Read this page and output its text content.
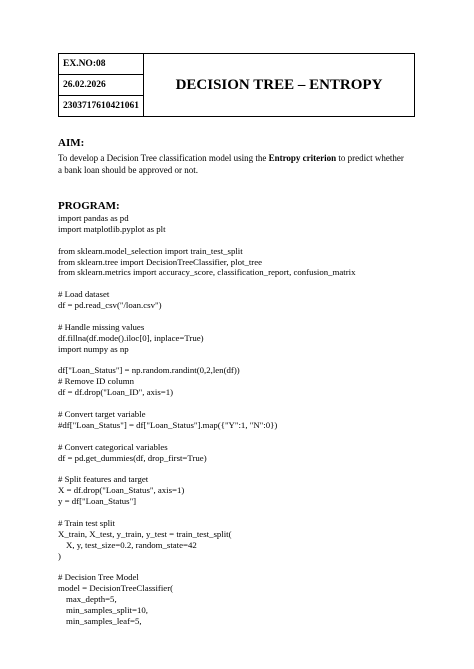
EX.NO:08	DECISION TREE – ENTROPY
26.02.2026
2303717610421061
AIM:

To develop a Decision Tree classification model using the Entropy criterion to predict whether a bank loan should be approved or not.

PROGRAM:
import pandas as pd
import matplotlib.pyplot as plt
from sklearn.model_selection import train_test_split
from sklearn.tree import DecisionTreeClassifier, plot_tree
from sklearn.metrics import accuracy_score, classification_report, confusion_matrix
# Load dataset
df = pd.read_csv("/loan.csv")
# Handle missing values
df.fillna(df.mode().iloc[0], inplace=True)
import numpy as np
df["Loan_Status"] = np.random.randint(0,2,len(df))
# Remove ID column
df = df.drop("Loan_ID", axis=1)
# Convert target variable
#df["Loan_Status"] = df["Loan_Status"].map({"Y":1, "N":0})
# Convert categorical variables
df = pd.get_dummies(df, drop_first=True)
# Split features and target
X = df.drop("Loan_Status", axis=1)
y = df["Loan_Status"]
# Train test split
X_train, X_test, y_train, y_test = train_test_split(
X, y, test_size=0.2, random_state=42
)
# Decision Tree Model
model = DecisionTreeClassifier(
max_depth=5,
min_samples_split=10,
min_samples_leaf=5,
